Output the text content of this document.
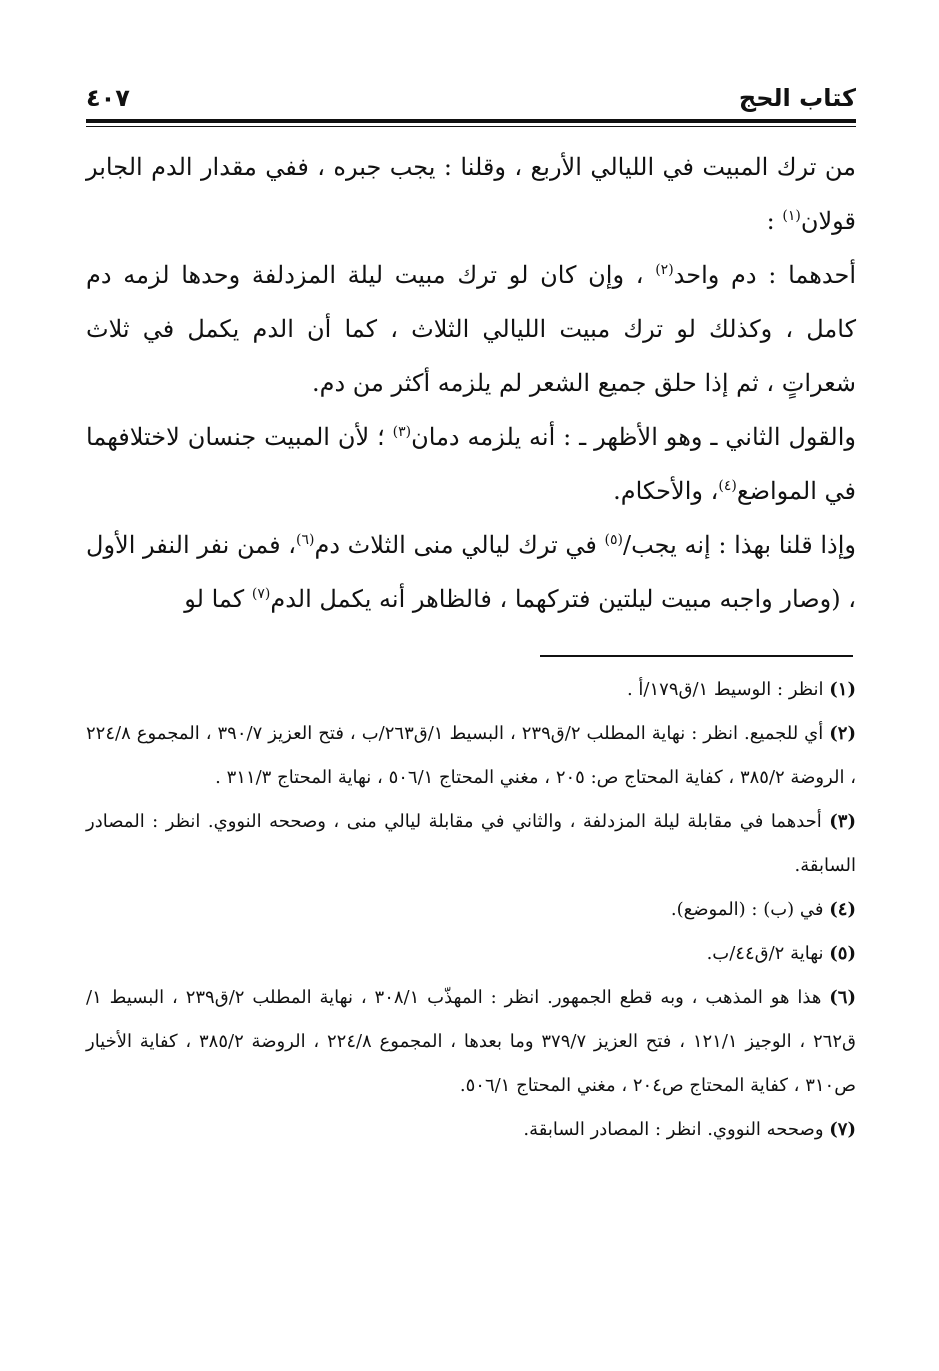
كتاب الحج
٤٠٧

من ترك المبيت في الليالي الأربع ، وقلنا : يجب جبره ، ففي مقدار الدم الجابر قولان$^{(١)}$ :

أحدهما : دم واحد$^{(٢)}$ ، وإن كان لو ترك مبيت ليلة المزدلفة وحدها لزمه دم كامل ، وكذلك لو ترك مبيت الليالي الثلاث ، كما أن الدم يكمل في ثلاث شعراتٍ ، ثم إذا حلق جميع الشعر لم يلزمه أكثر من دم.

والقول الثاني ـ وهو الأظهر ـ : أنه يلزمه دمان$^{(٣)}$ ؛ لأن المبيت جنسان لاختلافهما في المواضع$^{(٤)}$، والأحكام.

وإذا قلنا بهذا : إنه يجب/$^{(٥)}$ في ترك ليالي منى الثلاث دم$^{(٦)}$، فمن نفر النفر الأول ، (وصار واجبه مبيت ليلتين فتركهما ، فالظاهر أنه يكمل الدم$^{(٧)}$ كما لو

(١) انظر : الوسيط ١/ق١٧٩/أ .

(٢) أي للجميع. انظر : نهاية المطلب ٢/ق٢٣٩ ، البسيط ١/ق٢٦٣/ب ، فتح العزيز ٣٩٠/٧ ، المجموع ٢٢٤/٨ ، الروضة ٣٨٥/٢ ، كفاية المحتاج ص: ٢٠٥ ، مغني المحتاج ٥٠٦/١ ، نهاية المحتاج ٣١١/٣ .

(٣) أحدهما في مقابلة ليلة المزدلفة ، والثاني في مقابلة ليالي منى ، وصححه النووي. انظر : المصادر السابقة.

(٤) في (ب) : (الموضع).

(٥) نهاية ٢/ق٤٤/ب.

(٦) هذا هو المذهب ، وبه قطع الجمهور. انظر : المهذّب ٣٠٨/١ ، نهاية المطلب ٢/ق٢٣٩ ، البسيط ١/ق٢٦٢ ، الوجيز ١٢١/١ ، فتح العزيز ٣٧٩/٧ وما بعدها ، المجموع ٢٢٤/٨ ، الروضة ٣٨٥/٢ ، كفاية الأخيار ص٣١٠ ، كفاية المحتاج ص٢٠٤ ، مغني المحتاج ٥٠٦/١.

(٧) وصححه النووي. انظر : المصادر السابقة.
